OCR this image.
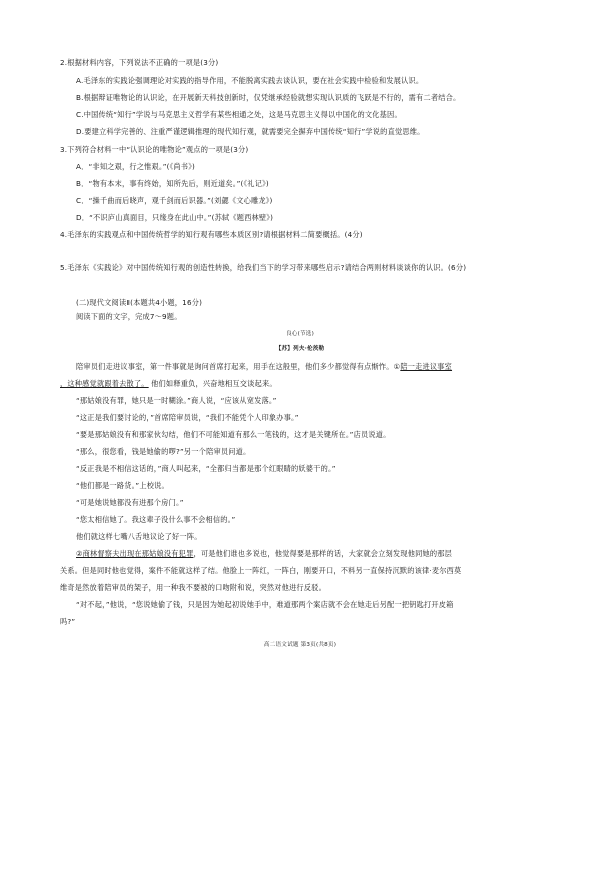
2.根据材料内容，下列说法不正确的一项是(3分)
A.毛泽东的实践论强调理论对实践的指导作用，不能脱离实践去谈认识，要在社会实践中检验和发展认识。
B.根据辩证唯物论的认识论，在开展新天科技创新时，仅凭继承经验就想实现认识质的飞跃是不行的，需有二者结合。
C.中国传统“知行”学说与马克思主义哲学有某些相通之处，这是马克思主义得以中国化的文化基因。
D.要建立科学完善的、注重严谨逻辑推理的现代知行观，就需要完全摒弃中国传统“知行”学说的直觉思维。
3.下列符合材料一中“认识论的唯物论”观点的一项是(3分)
A．“非知之艰，行之惟艰。”(《尚书》)
B．“物有本末，事有终始，知所先后，则近道矣。”(《礼记》)
C．“操千曲而后晓声，观千剑而后识器。”(刘勰《文心雕龙》)
D．“不识庐山真面目，只缘身在此山中。”(苏轼《题西林壁》)
4.毛泽东的实践观点和中国传统哲学的知行观有哪些本质区别?请根据材料二简要概括。(4分)
5.毛泽东《实践论》对中国传统知行观的创造性转换，给我们当下的学习带来哪些启示?请结合两则材料谈谈你的认识。(6分)
(二)现代文阅读Ⅱ(本题共4小题，16分)
阅读下面的文字，完成7～9题。
良心(节选)
【苏】列夫·伦茨勒
陪审员们走进议事室，第一件事就是询问首席打起来，用手在这般里，他们多少都觉得有点惭怍。①陪一走进议事室
，这种感觉就跟着去散了。 他们如释重负，兴奋地相互交谈起来。
“那姑娘没有罪，她只是一时糊涂。”商人说，“应该从宽发落。”
“这正是我们要讨论的，”首席陪审员说，“我们不能凭个人印象办事。”
“要是那姑娘没有和那家伙勾结，他们不可能知道有那么一笔钱的，这才是关键所在。”店员说道。
“那么，很您看，钱是她偷的啰?”另一个陪审员问道。
“反正我是不相信这话的，”商人叫起来，“全都归当都是那个红眼睛的妖婆干的。”
“他们都是一路货。”上校说。
“可是她说她都没有进那个房门。”
“您太相信她了。我这辈子没什么事不会相信的。”
他们就这样七嘴八舌地议论了好一阵。
②商林督察夫出现在那姑娘没有犯罪，可是他们谁也多说也，他觉得要是那样的话，大家就会立刻发现他同她的那层
关系。但是同时他也觉得，案件不能就这样了结。他脸上一阵红，一阵白，刚要开口，不料另一直保持沉默的该律·麦尔西莫
维奇是然放着陪审员的架子，用一种我不要被的口吻附和说，突然对他进行反驳。
“对不起，”他说，“您说她偷了钱，只是因为她起初说她手中，难道那两个案店就不会在她走后另配一把钥匙打开皮箱
吗?”
高二语文试题 第3页(共8页)
